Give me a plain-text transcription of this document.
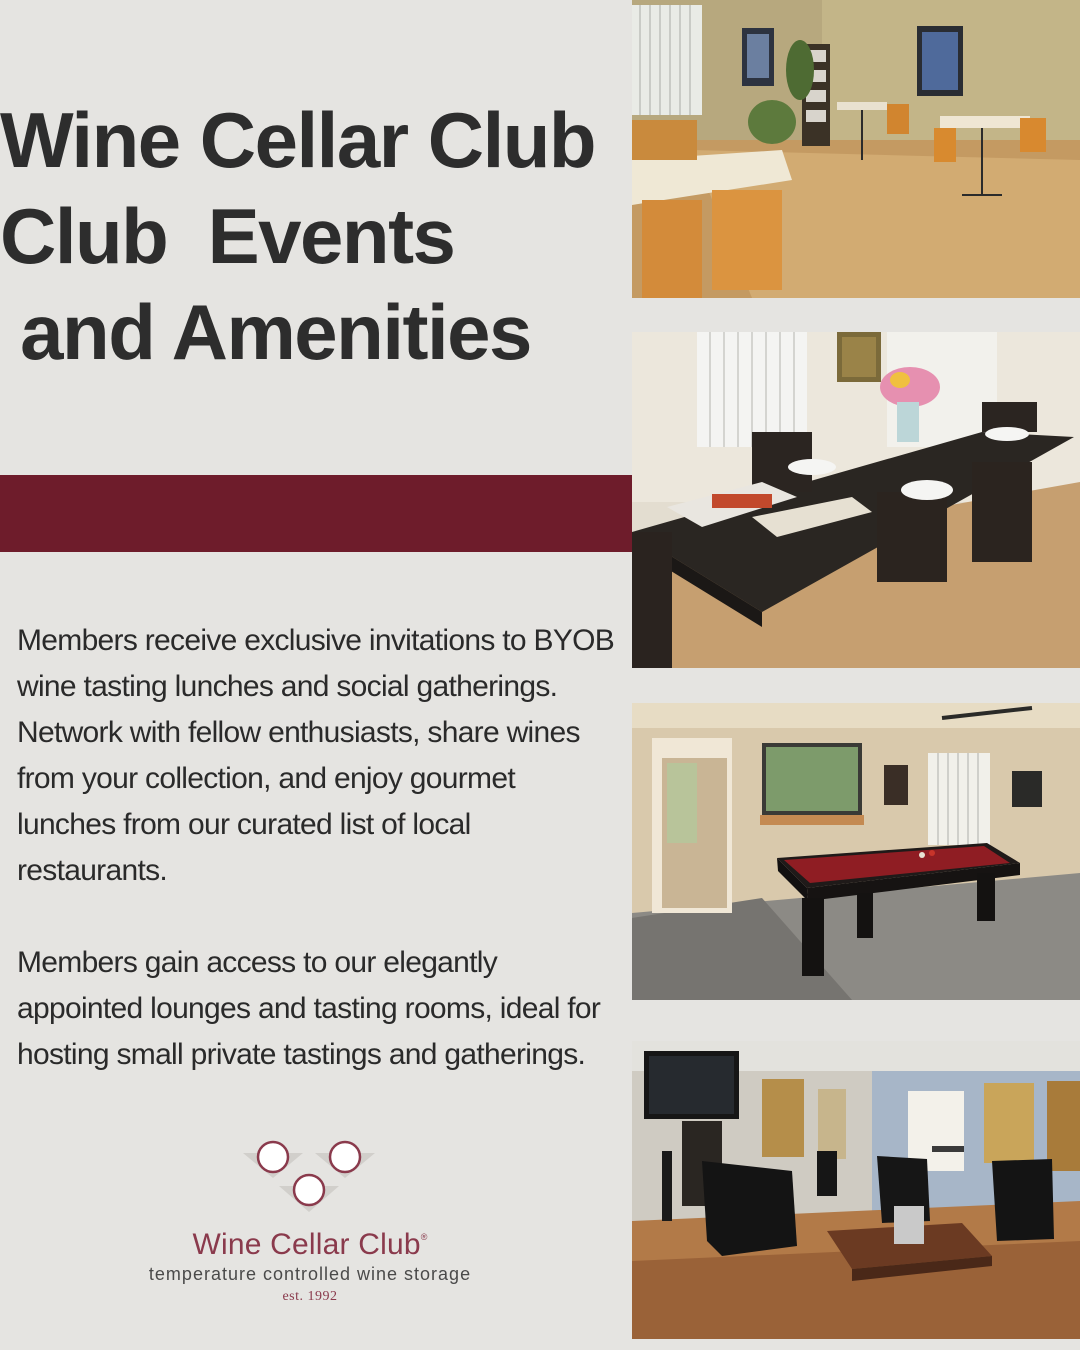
Wine Cellar Club
Club  Events
and Amenities

Members receive exclusive invitations to BYOB wine tasting lunches and social gatherings. Network with fellow enthusiasts, share wines from your collection, and enjoy gourmet lunches from our curated list of local restaurants.

Members gain access to our elegantly appointed lounges and tasting rooms, ideal for hosting small private tastings and gatherings.

Wine Cellar Club®
temperature controlled wine storage
est. 1992
